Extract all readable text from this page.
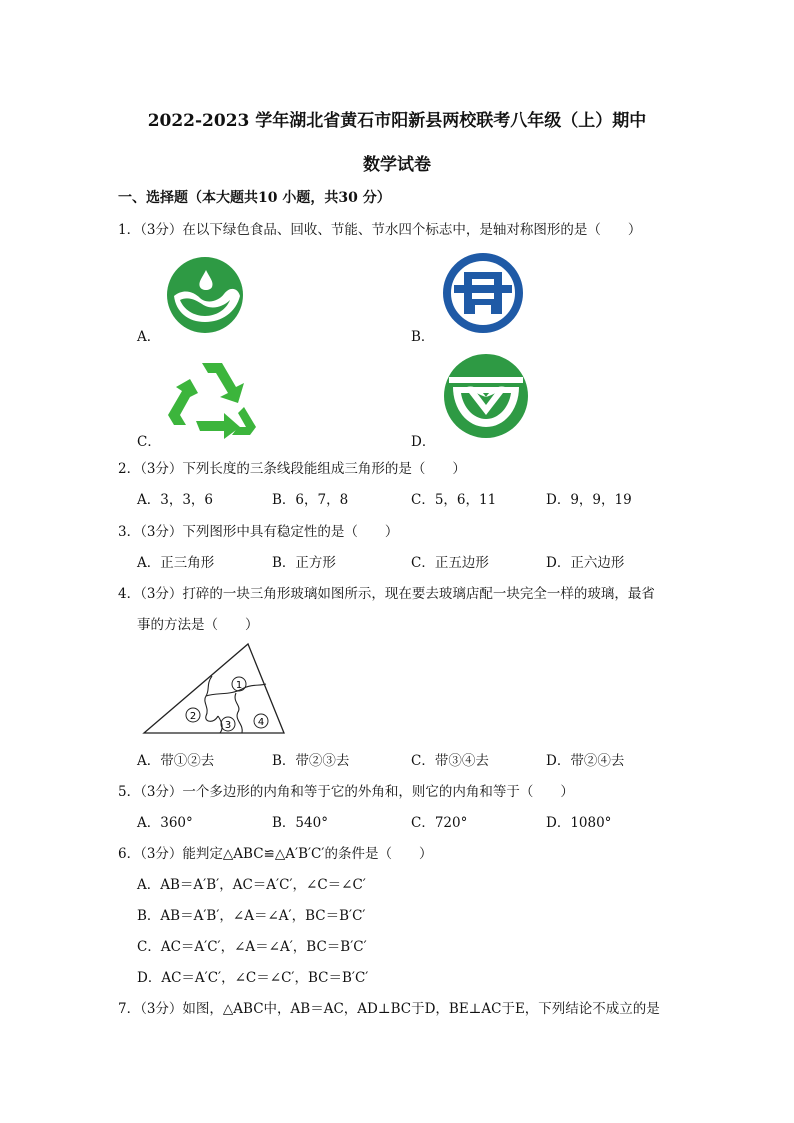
2022-2023 学年湖北省黄石市阳新县两校联考八年级（上）期中
数学试卷
一、选择题（本大题共10 小题，共30 分）
1．（3分）在以下绿色食品、回收、节能、节水四个标志中，是轴对称图形的是（　　）
A．	B．
C．	D．
2．（3分）下列长度的三条线段能组成三角形的是（　　）
A．3，3，6	B．6，7，8	C．5，6，11	D．9，9，19
3．（3分）下列图形中具有稳定性的是（　　）
A．正三角形	B．正方形	C．正五边形	D．正六边形
4．（3分）打碎的一块三角形玻璃如图所示，现在要去玻璃店配一块完全一样的玻璃，最省
事的方法是（　　）
1
2
3	4
A．带①②去	B．带②③去	C．带③④去	D．带②④去
5．（3分）一个多边形的内角和等于它的外角和，则它的内角和等于（　　）
A．360°	B．540°	C．720°	D．1080°
6．（3分）能判定△ABC≌△A′B′C′的条件是（　　）
A．AB＝A′B′，AC＝A′C′，∠C＝∠C′
B．AB＝A′B′，∠A＝∠A′，BC＝B′C′
C．AC＝A′C′，∠A＝∠A′，BC＝B′C′
D．AC＝A′C′，∠C＝∠C′，BC＝B′C′
7．（3分）如图，△ABC中，AB＝AC，AD⊥BC于D，BE⊥AC于E，下列结论不成立的是
